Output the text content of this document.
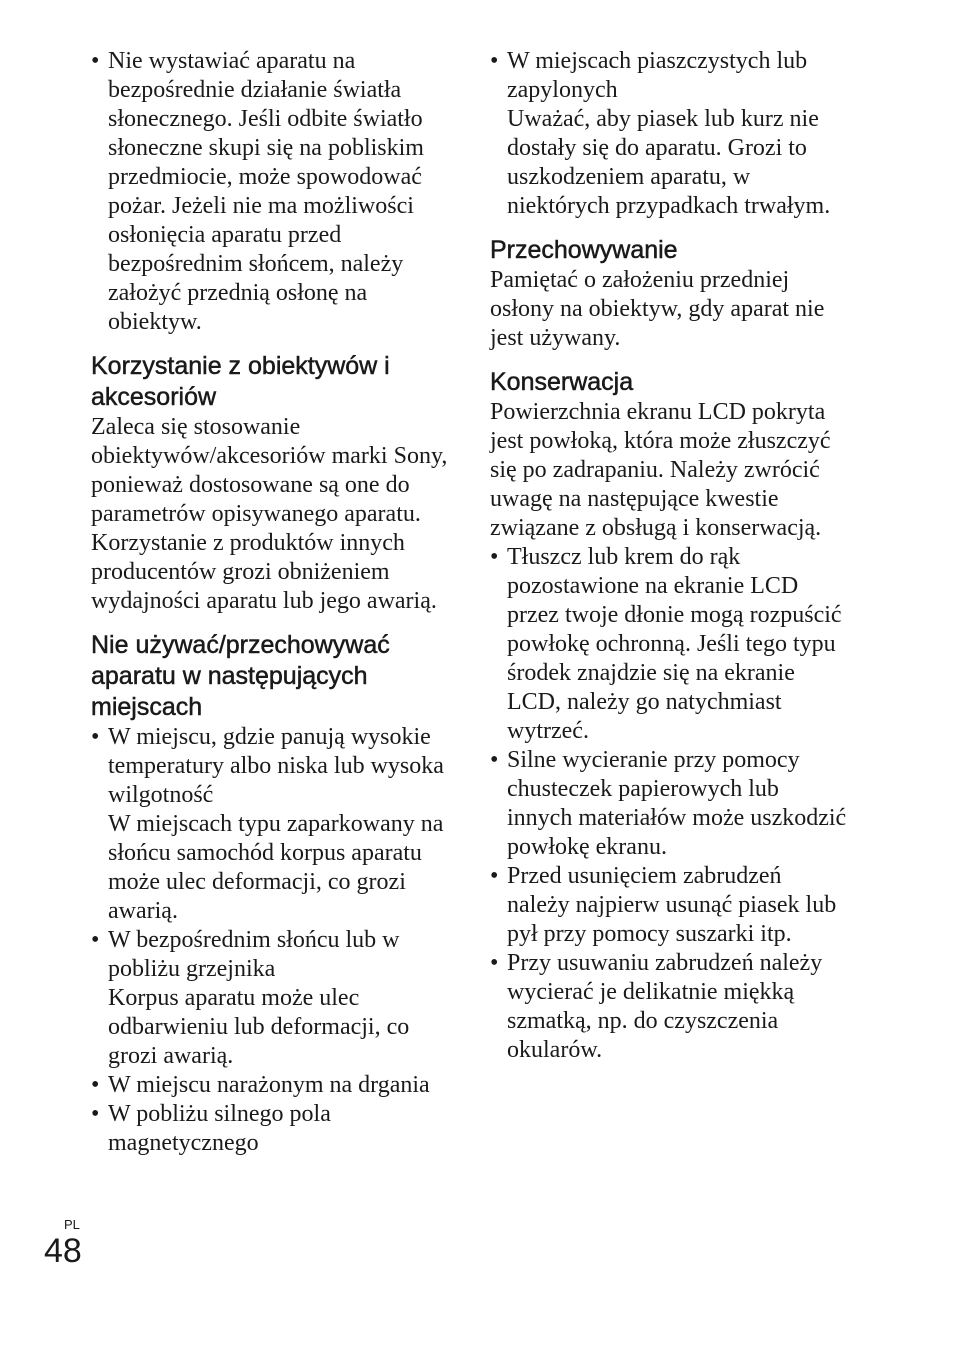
• Nie wystawiać aparatu na bezpośrednie działanie światła słonecznego. Jeśli odbite światło słoneczne skupi się na pobliskim przedmiocie, może spowodować pożar. Jeżeli nie ma możliwości osłonięcia aparatu przed bezpośrednim słońcem, należy założyć przednią osłonę na obiektyw.

Korzystanie z obiektywów i akcesoriów

Zaleca się stosowanie obiektywów/akcesoriów marki Sony, ponieważ dostosowane są one do parametrów opisywanego aparatu. Korzystanie z produktów innych producentów grozi obniżeniem wydajności aparatu lub jego awarią.

Nie używać/przechowywać aparatu w następujących miejscach

• W miejscu, gdzie panują wysokie temperatury albo niska lub wysoka wilgotność

W miejscach typu zaparkowany na słońcu samochód korpus aparatu może ulec deformacji, co grozi awarią.

• W bezpośrednim słońcu lub w pobliżu grzejnika

Korpus aparatu może ulec odbarwieniu lub deformacji, co grozi awarią.

• W miejscu narażonym na drgania

• W pobliżu silnego pola magnetycznego

• W miejscach piaszczystych lub zapylonych

Uważać, aby piasek lub kurz nie dostały się do aparatu. Grozi to uszkodzeniem aparatu, w niektórych przypadkach trwałym.

Przechowywanie

Pamiętać o założeniu przedniej osłony na obiektyw, gdy aparat nie jest używany.

Konserwacja

Powierzchnia ekranu LCD pokryta jest powłoką, która może złuszczyć się po zadrapaniu. Należy zwrócić uwagę na następujące kwestie związane z obsługą i konserwacją.

• Tłuszcz lub krem do rąk pozostawione na ekranie LCD przez twoje dłonie mogą rozpuścić powłokę ochronną. Jeśli tego typu środek znajdzie się na ekranie LCD, należy go natychmiast wytrzeć.
• Silne wycieranie przy pomocy chusteczek papierowych lub innych materiałów może uszkodzić powłokę ekranu.
• Przed usunięciem zabrudzeń należy najpierw usunąć piasek lub pył przy pomocy suszarki itp.
• Przy usuwaniu zabrudzeń należy wycierać je delikatnie miękką szmatką, np. do czyszczenia okularów.
PL
48
